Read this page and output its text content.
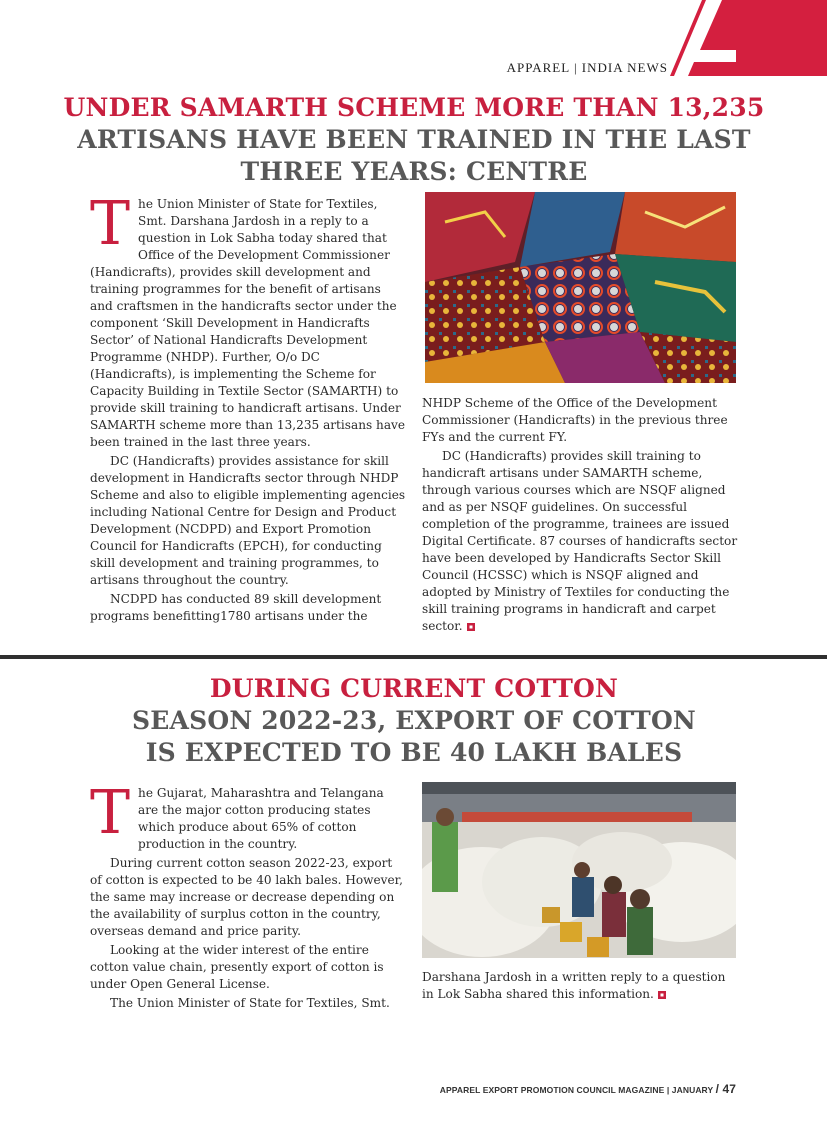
APPAREL | INDIA NEWS
UNDER SAMARTH SCHEME MORE THAN 13,235
ARTISANS HAVE BEEN TRAINED IN THE LAST
THREE YEARS: CENTRE
T he Union Minister of State for Textiles, Smt. Darshana Jardosh in a reply to a question in Lok Sabha today shared that Office of the Development Commissioner (Handicrafts), provides skill development and training programmes for the benefit of artisans and craftsmen in the handicrafts sector under the component ‘Skill Development in Handicrafts Sector’ of National Handicrafts Development Programme (NHDP). Further, O/o DC (Handicrafts), is implementing the Scheme for Capacity Building in Textile Sector (SAMARTH) to provide skill training to handicraft artisans. Under SAMARTH scheme more than 13,235 artisans have been trained in the last three years.

DC (Handicrafts) provides assistance for skill development in Handicrafts sector through NHDP Scheme and also to eligible implementing agencies including National Centre for Design and Product Development (NCDPD) and Export Promotion Council for Handicrafts (EPCH), for conducting skill development and training programmes, to artisans throughout the country.

NCDPD has conducted 89 skill development programs benefitting1780 artisans under the

NHDP Scheme of the Office of the Development Commissioner (Handicrafts) in the previous three FYs and the current FY.

DC (Handicrafts) provides skill training to handicraft artisans under SAMARTH scheme, through various courses which are NSQF aligned and as per NSQF guidelines. On successful completion of the programme, trainees are issued Digital Certificate. 87 courses of handicrafts sector have been developed by Handicrafts Sector Skill Council (HCSSC) which is NSQF aligned and adopted by Ministry of Textiles for conducting the skill training programs in handicraft and carpet sector.

DURING CURRENT COTTON
SEASON 2022-23, EXPORT OF COTTON
IS EXPECTED TO BE 40 LAKH BALES
T he Gujarat, Maharashtra and Telangana are the major cotton producing states which produce about 65% of cotton production in the country.

During current cotton season 2022-23, export of cotton is expected to be 40 lakh bales. However, the same may increase or decrease depending on the availability of surplus cotton in the country, overseas demand and price parity.

Looking at the wider interest of the entire cotton value chain, presently export of cotton is under Open General License.

The Union Minister of State for Textiles, Smt.

Darshana Jardosh in a written reply to a question in Lok Sabha shared this information.

APPAREL EXPORT PROMOTION COUNCIL MAGAZINE | JANUARY / 47
